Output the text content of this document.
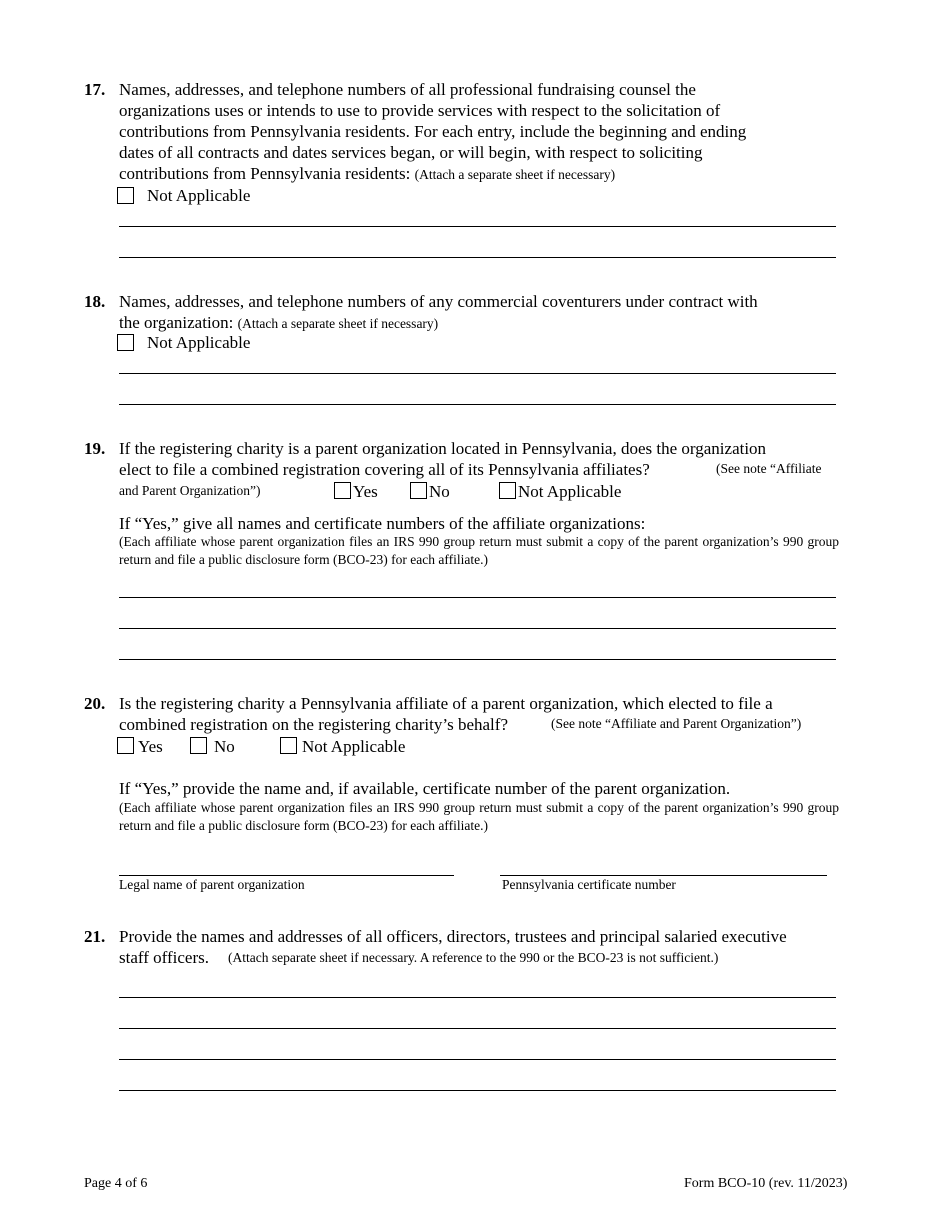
17. Names, addresses, and telephone numbers of all professional fundraising counsel the
organizations uses or intends to use to provide services with respect to the solicitation of
contributions from Pennsylvania residents. For each entry, include the beginning and ending
dates of all contracts and dates services began, or will begin, with respect to soliciting
contributions from Pennsylvania residents: (Attach a separate sheet if necessary)
Not Applicable
18. Names, addresses, and telephone numbers of any commercial coventurers under contract with
the organization: (Attach a separate sheet if necessary)
Not Applicable
19. If the registering charity is a parent organization located in Pennsylvania, does the organization
elect to file a combined registration covering all of its Pennsylvania affiliates?	(See note “Affiliate
and Parent Organization”)	Yes	No	Not Applicable
If “Yes,” give all names and certificate numbers of the affiliate organizations:
(Each affiliate whose parent organization files an IRS 990 group return must submit a copy of the parent organization’s 990 group return and file a public disclosure form (BCO-23) for each affiliate.)
20. Is the registering charity a Pennsylvania affiliate of a parent organization, which elected to file a
combined registration on the registering charity’s behalf?	(See note “Affiliate and Parent Organization”)
Yes	No	Not Applicable
If “Yes,” provide the name and, if available, certificate number of the parent organization.
(Each affiliate whose parent organization files an IRS 990 group return must submit a copy of the parent organization’s 990 group return and file a public disclosure form (BCO-23) for each affiliate.)
Legal name of parent organization	Pennsylvania certificate number
21. Provide the names and addresses of all officers, directors, trustees and principal salaried executive
staff officers. (Attach separate sheet if necessary. A reference to the 990 or the BCO-23 is not sufficient.)
Page 4 of 6	Form BCO-10 (rev. 11/2023)
